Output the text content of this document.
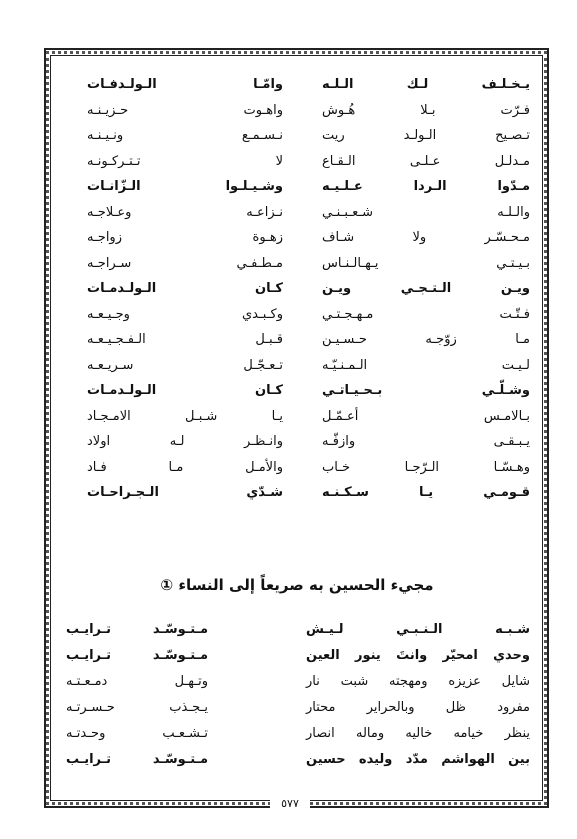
يـخـلـف لـك الـلـه
وامّـا الـولـدفـات
فـرّت بـلا هُـوش
واهـوت حـزيـنـه
تـصـيح الـولـد ريت
نـسـمـع ونـيـنـه
مـدلـل عـلـى الـقـاع
لا تـتـركـونـه
مـدّوا الـردا عـلـيـه
وشـيـلـوا الـزّانـات
والـلـه شـعـبـنـي
نـزاعـه وعـلاجـه
مـحـسّـر ولا شـاف
زهـوة زواجـه
بـيـتـي يـهـالـنـاس
مـطـفـي سـراجـه
ويـن الـتـجـي ويـن
كـان الـولـدمـات
فـتّـت مـهـجـتـي
وكـبـدي وجـيـعـه
مـا زوّجـه حـسـيـن
قـبـل الـفـجـيـعـه
لـيـت الـمـنـيّـه
تـعـجّـل سـريـعـه
وشـلّـي بـحـيـاتـي
كـان الـولـدمـات
بـالامـس أعـمّـل
يـا شـبـل الامـجـاد
يـبـقـى وازفّـه
وانـظـر لـه اولاد
وهـسّـا الـرّجـا خـاب
والأمـل مـا فـاد
قـومـي يـا سـكـنـه
شـدّي الـجـراحـات
مجيء الحسين به صريعاً إلى النساء ①
شـبـه الـنـبـي لـيـش
مـتـوسّـد تـرايـب
وحدي امحيّر وانتَ ينور العين
مـتـوسّـد تـرايـب
شايل عزيزه ومهجته شبت نار
وتـهـل دمـعـتـه
مفرود ظل وبالحراير محتار
يـجـذب حـسـرتـه
ينظر خيامه خاليه وماله انصار
تـشـعـب وحـدتـه
بين الهواشم مدّد وليده حسين
مـتـوسّـد تـرايـب
٥٧٧
